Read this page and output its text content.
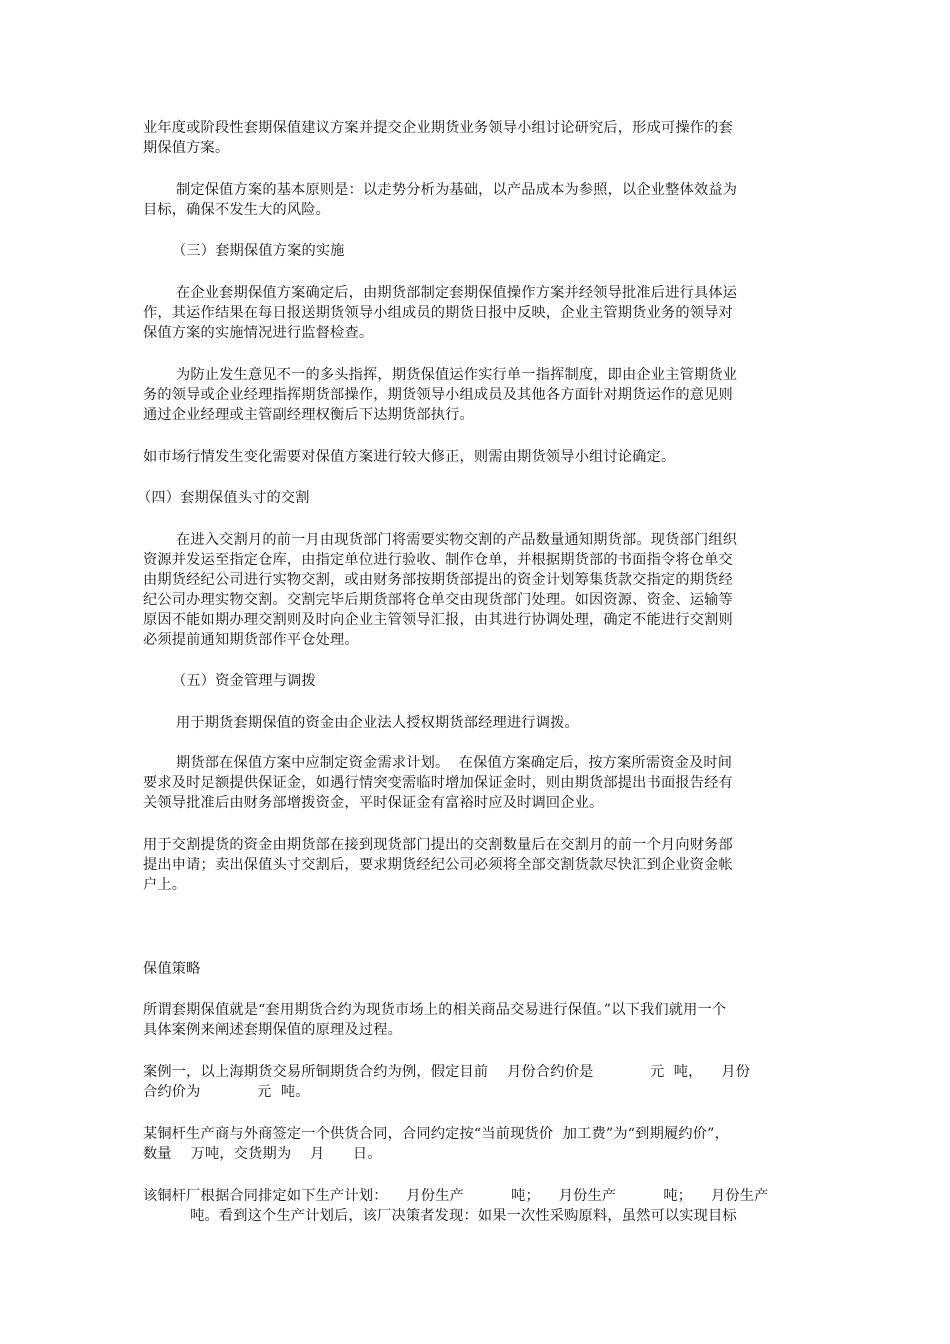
业年度或阶段性套期保值建议方案并提交企业期货业务领导小组讨论研究后，形成可操作的套
期保值方案。
制定保值方案的基本原则是：以走势分析为基础，以产品成本为参照，以企业整体效益为
目标，确保不发生大的风险。
（三）套期保值方案的实施
在企业套期保值方案确定后，由期货部制定套期保值操作方案并经领导批准后进行具体运
作，其运作结果在每日报送期货领导小组成员的期货日报中反映，企业主管期货业务的领导对
保值方案的实施情况进行监督检查。
为防止发生意见不一的多头指挥，期货保值运作实行单一指挥制度，即由企业主管期货业
务的领导或企业经理指挥期货部操作，期货领导小组成员及其他各方面针对期货运作的意见则
通过企业经理或主管副经理权衡后下达期货部执行。
如市场行情发生变化需要对保值方案进行较大修正，则需由期货领导小组讨论确定。
（四）套期保值头寸的交割
在进入交割月的前一月由现货部门将需要实物交割的产品数量通知期货部。现货部门组织
资源并发运至指定仓库，由指定单位进行验收、制作仓单，并根据期货部的书面指令将仓单交
由期货经纪公司进行实物交割，或由财务部按期货部提出的资金计划筹集货款交指定的期货经
纪公司办理实物交割。交割完毕后期货部将仓单交由现货部门处理。如因资源、资金、运输等
原因不能如期办理交割则及时向企业主管领导汇报，由其进行协调处理，确定不能进行交割则
必须提前通知期货部作平仓处理。
（五）资金管理与调拨
用于期货套期保值的资金由企业法人授权期货部经理进行调拨。
期货部在保值方案中应制定资金需求计划。  在保值方案确定后，按方案所需资金及时间
要求及时足额提供保证金，如遇行情突变需临时增加保证金时，则由期货部提出书面报告经有
关领导批准后由财务部增拨资金，平时保证金有富裕时应及时调回企业。
用于交割提货的资金由期货部在接到现货部门提出的交割数量后在交割月的前一个月向财务部
提出申请；卖出保值头寸交割后，要求期货经纪公司必须将全部交割货款尽快汇到企业资金帐
户上。
保值策略
所谓套期保值就是“套用期货合约为现货市场上的相关商品交易进行保值。”以下我们就用一个
具体案例来阐述套期保值的原理及过程。
案例一，以上海期货交易所铜期货合约为例，假定目前    月份合约价是            元  吨，    月份
合约价为            元  吨。
某铜杆生产商与外商签定一个供货合同，合同约定按“当前现货价  加工费”为“到期履约价”，
数量    万吨，交货期为    月      日。
该铜杆厂根据合同排定如下生产计划：    月份生产          吨；    月份生产          吨；    月份生产
吨。看到这个生产计划后，该厂决策者发现：如果一次性采购原料，虽然可以实现目标
